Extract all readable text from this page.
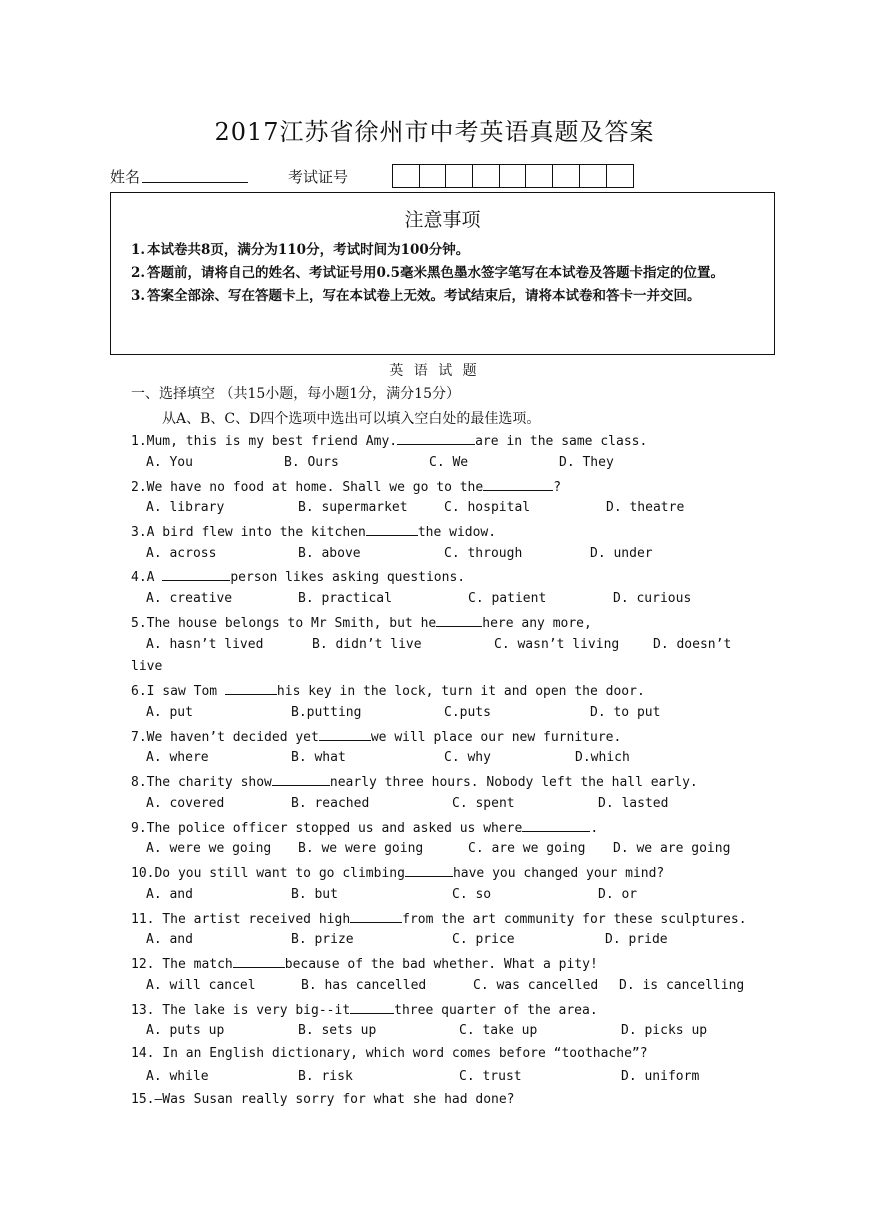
2017江苏省徐州市中考英语真题及答案
姓名	考试证号
注意事项
1. 本试卷共8页，满分为110分，考试时间为100分钟。
2. 答题前，请将自己的姓名、考试证号用0.5毫米黑色墨水签字笔写在本试卷及答题卡指定的位置。
3. 答案全部涂、写在答题卡上，写在本试卷上无效。考试结束后，请将本试卷和答卡一并交回。
英 语 试 题
一、选择填空 （共15小题，每小题1分，满分15分）
从A、B、C、D四个选项中选出可以填入空白处的最佳选项。
1.Mum, this is my best friend Amy.	are in the same class.
A. You	B. Ours	C. We	D. They
2.We have no food at home. Shall we go to the	?
A. library	B. supermarket	C. hospital	D. theatre
3.A bird flew into the kitchen	the widow.
A. across	B. above	C. through	D. under
4.A	person likes asking questions.
A. creative	B. practical	C. patient	D. curious
5.The house belongs to Mr Smith, but he	here any more,
A. hasn’t lived	B. didn’t live	C. wasn’t living	D. doesn’t
live
6.I saw Tom	his key in the lock, turn it and open the door.
A. put	B.putting	C.puts	D. to put
7.We haven’t decided yet	we will place our new furniture.
A. where	B. what	C. why	D.which
8.The charity show	nearly three hours. Nobody left the hall early.
A. covered	B. reached	C. spent	D. lasted
9.The police officer stopped us and asked us where	.
A. were we going B. we were going	C. are we going D. we are going
10.Do you still want to go climbing	have you changed your mind?
A. and	B. but	C. so	D. or
11. The artist received high	from the art community for these sculptures.
A. and	B. prize	C. price	D. pride
12. The match	because of the bad whether. What a pity!
A. will cancel	B. has cancelled	C. was cancelled D. is cancelling
13. The lake is very big--it	three quarter of the area.
A. puts up	B. sets up	C. take up	D. picks up
14. In an English dictionary, which word comes before “toothache”?
A. while	B. risk	C. trust	D. uniform
15.—Was Susan really sorry for what she had done?
